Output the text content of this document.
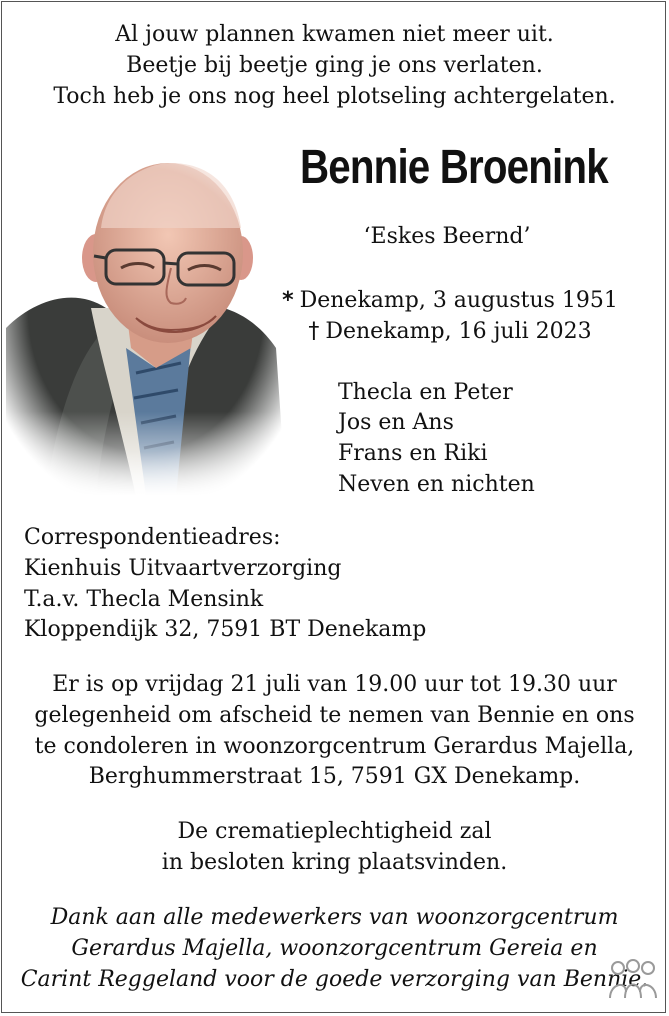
Al jouw plannen kwamen niet meer uit.
Beetje bij beetje ging je ons verlaten.
Toch heb je ons nog heel plotseling achtergelaten.
Bennie Broenink
‘Eskes Beernd’
* Denekamp, 3 augustus 1951
† Denekamp, 16 juli 2023
Thecla en Peter
Jos en Ans
Frans en Riki
Neven en nichten
Correspondentieadres:
Kienhuis Uitvaartverzorging
T.a.v. Thecla Mensink
Kloppendijk 32, 7591 BT Denekamp
Er is op vrijdag 21 juli van 19.00 uur tot 19.30 uur
gelegenheid om afscheid te nemen van Bennie en ons
te condoleren in woonzorgcentrum Gerardus Majella,
Berghummerstraat 15, 7591 GX Denekamp.
De crematieplechtigheid zal
in besloten kring plaatsvinden.
Dank aan alle medewerkers van woonzorgcentrum
Gerardus Majella, woonzorgcentrum Gereia en
Carint Reggeland voor de goede verzorging van Bennie.
